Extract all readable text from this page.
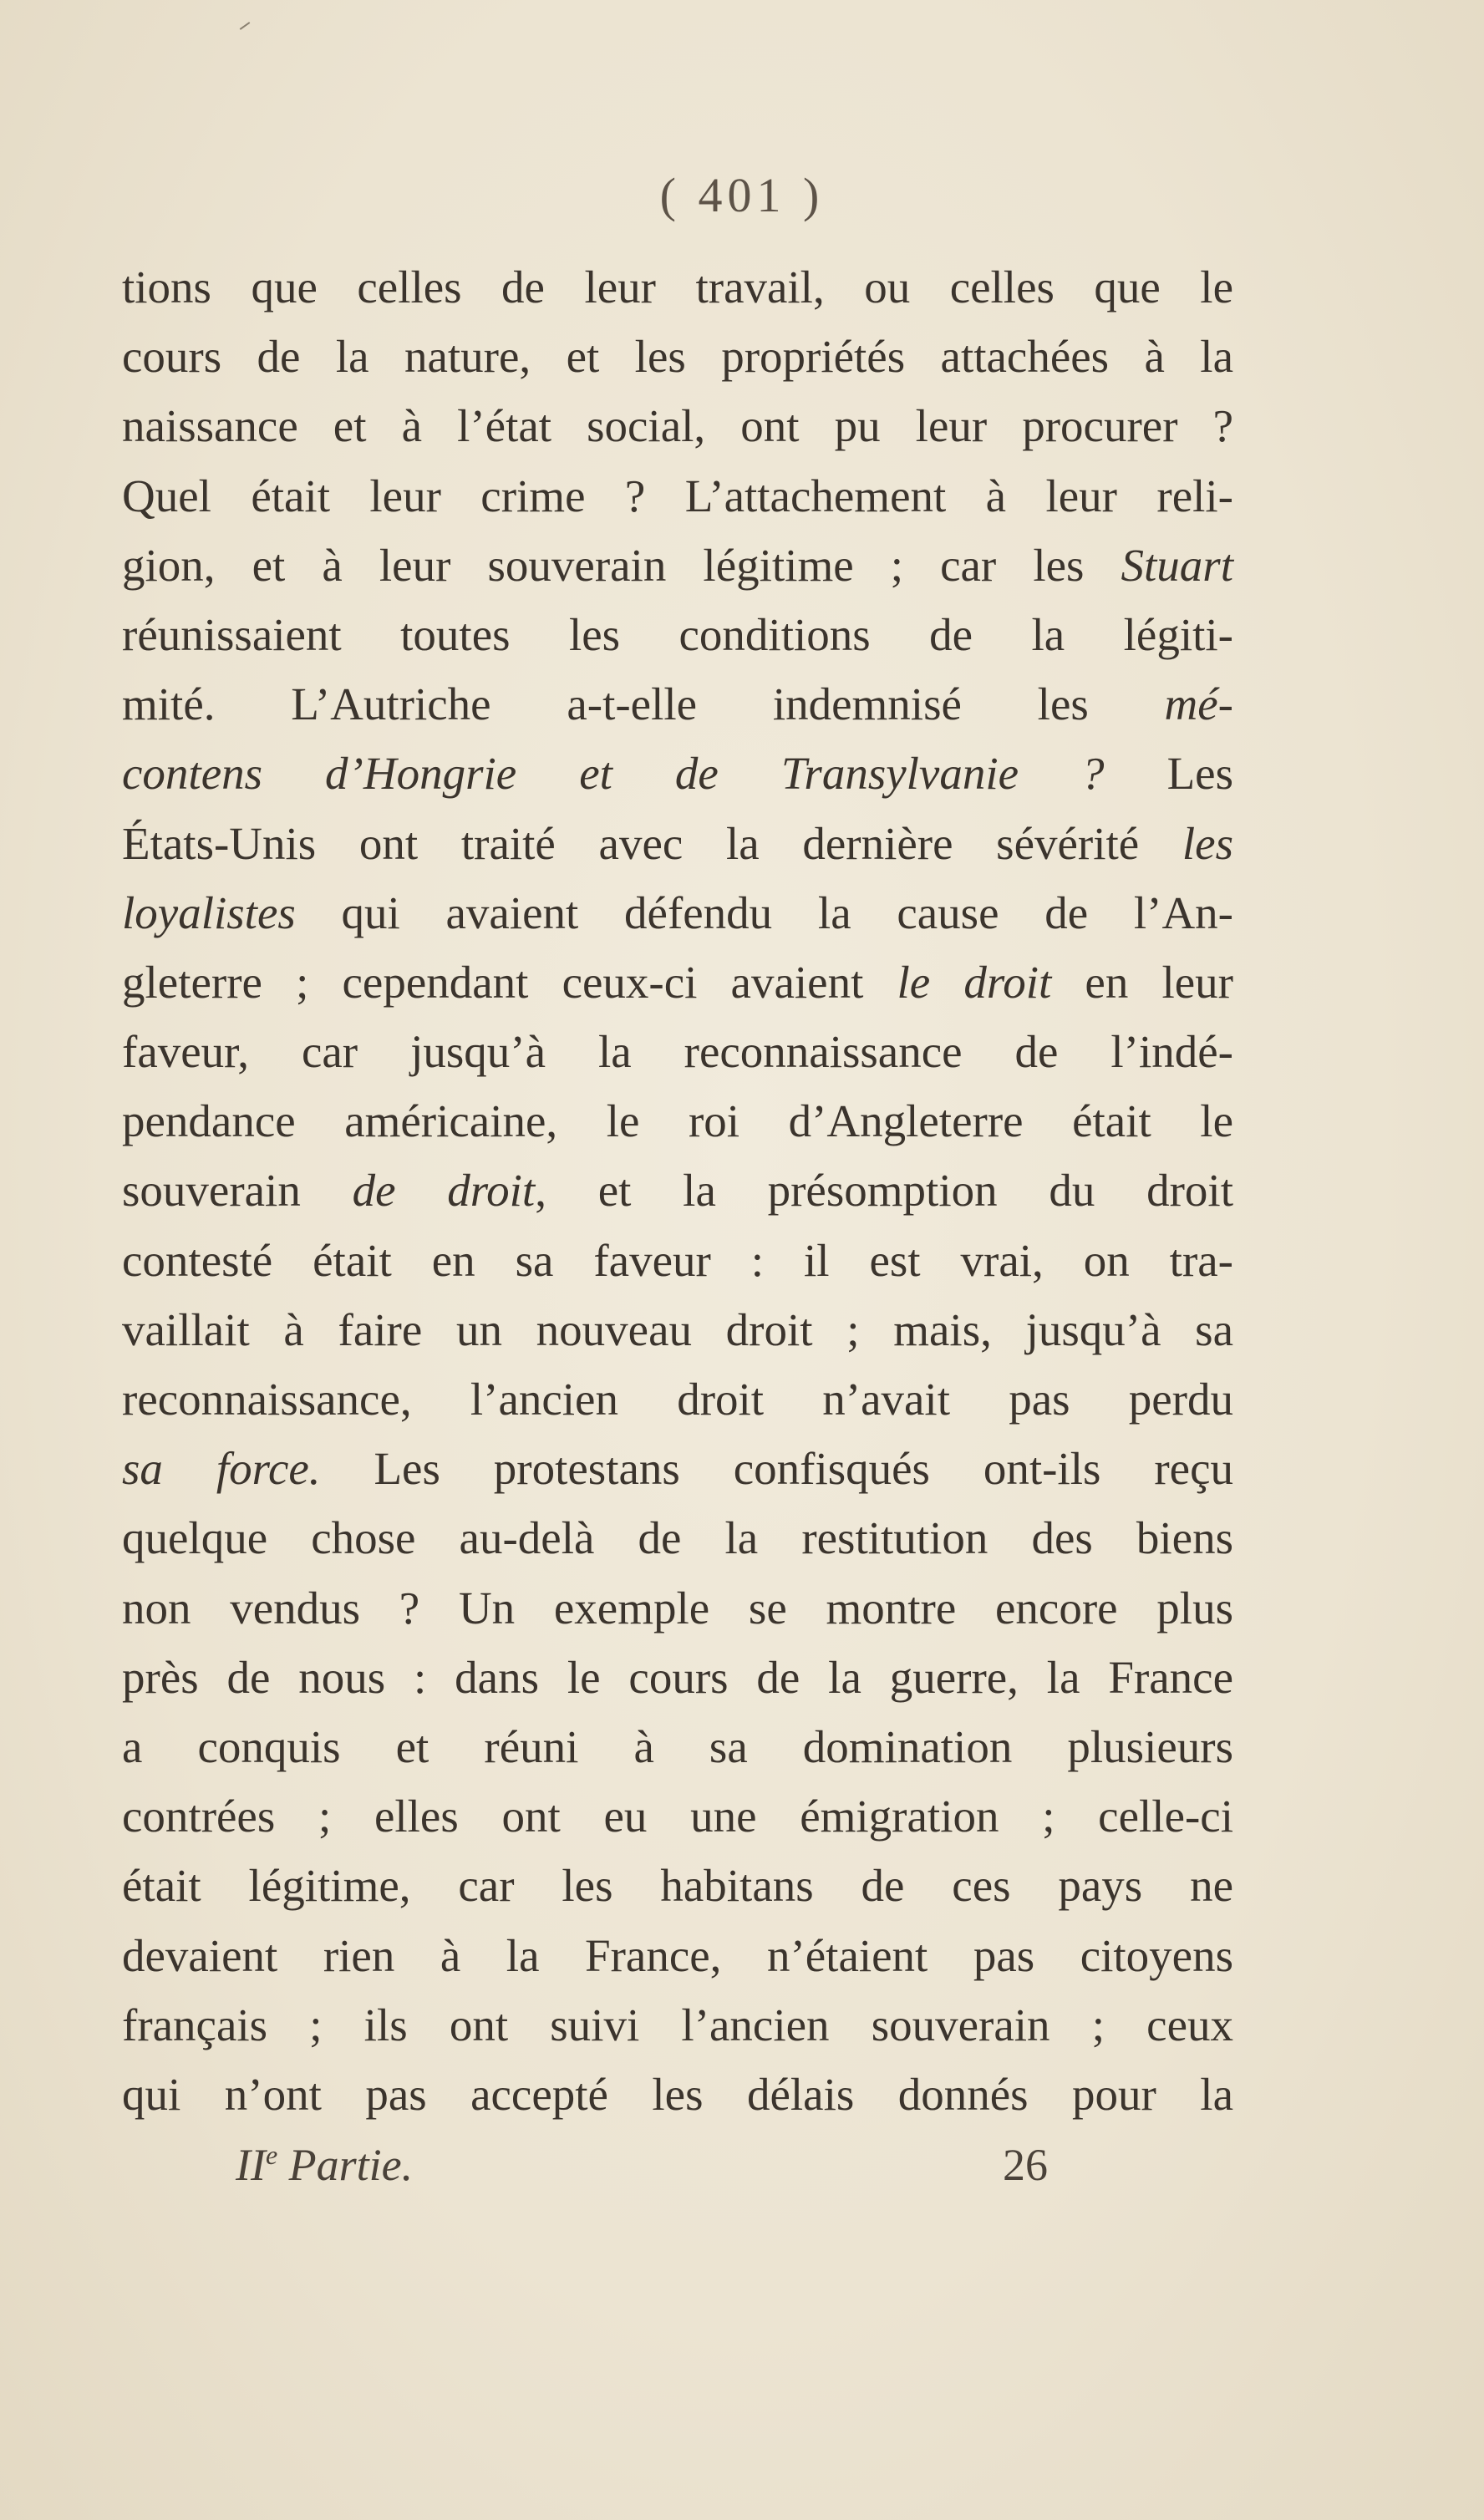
( 401 )
tions que celles de leur travail, ou celles que le
cours de la nature, et les propriétés attachées à la
naissance et à l’état social, ont pu leur procurer ?
Quel était leur crime ? L’attachement à leur reli-
gion, et à leur souverain légitime ; car les Stuart
réunissaient toutes les conditions de la légiti-
mité. L’Autriche a-t-elle indemnisé les mé-
contens d’Hongrie et de Transylvanie ? Les
États-Unis ont traité avec la dernière sévérité les
loyalistes qui avaient défendu la cause de l’An-
gleterre ; cependant ceux-ci avaient le droit en leur
faveur, car jusqu’à la reconnaissance de l’indé-
pendance américaine, le roi d’Angleterre était le
souverain de droit, et la présomption du droit
contesté était en sa faveur : il est vrai, on tra-
vaillait à faire un nouveau droit ; mais, jusqu’à sa
reconnaissance, l’ancien droit n’avait pas perdu
sa force. Les protestans confisqués ont-ils reçu
quelque chose au-delà de la restitution des biens
non vendus ? Un exemple se montre encore plus
près de nous : dans le cours de la guerre, la France
a conquis et réuni à sa domination plusieurs
contrées ; elles ont eu une émigration ; celle-ci
était légitime, car les habitans de ces pays ne
devaient rien à la France, n’étaient pas citoyens
français ; ils ont suivi l’ancien souverain ; ceux
qui n’ont pas accepté les délais donnés pour la
IIe Partie.	26
